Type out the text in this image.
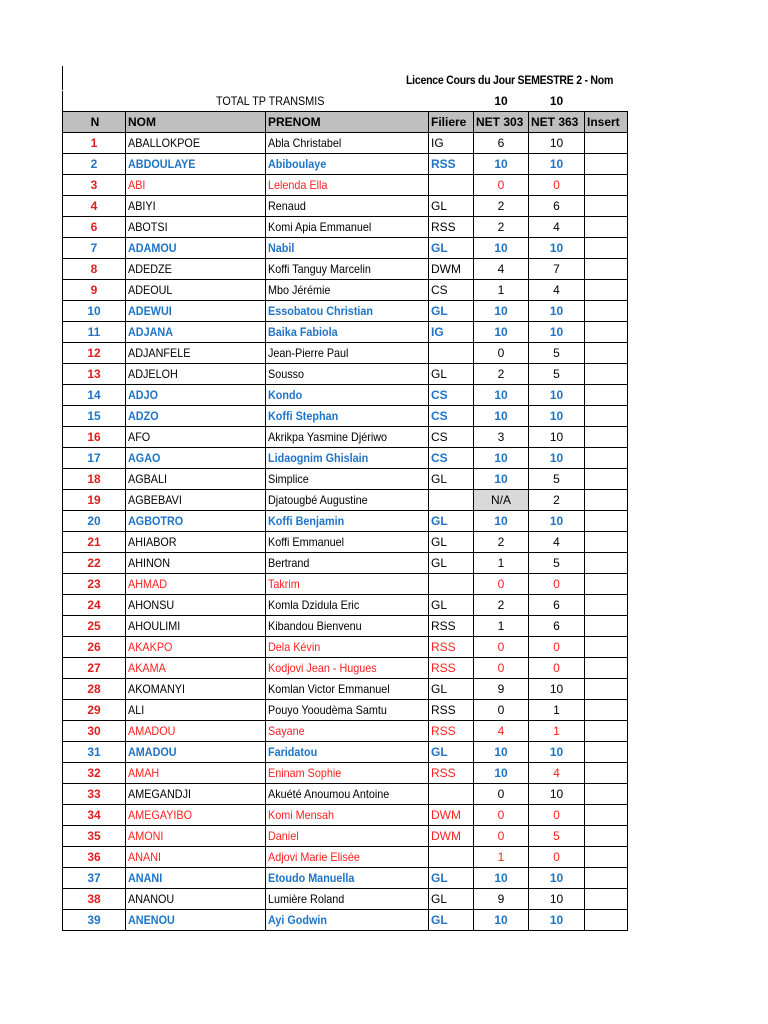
Licence Cours du Jour SEMESTRE 2 - Nom
		TOTAL TP TRANSMIS		10	10	
N	NOM	PRENOM	Filiere	NET 303	NET 363	Insert
1	ABALLOKPOE	Abla Christabel	IG	6	10	
2	ABDOULAYE	Abiboulaye	RSS	10	10	
3	ABI	Lelenda Ella		0	0	
4	ABIYI	Renaud	GL	2	6	
6	ABOTSI	Komi Apia Emmanuel	RSS	2	4	
7	ADAMOU	Nabil	GL	10	10	
8	ADEDZE	Koffi Tanguy Marcelin	DWM	4	7	
9	ADEOUL	Mbo Jérémie	CS	1	4	
10	ADEWUI	Essobatou Christian	GL	10	10	
11	ADJANA	Baika Fabiola	IG	10	10	
12	ADJANFELE	Jean-Pierre Paul		0	5	
13	ADJELOH	Sousso	GL	2	5	
14	ADJO	Kondo	CS	10	10	
15	ADZO	Koffi Stephan	CS	10	10	
16	AFO	Akrikpa Yasmine Djériwo	CS	3	10	
17	AGAO	Lidaognim Ghislain	CS	10	10	
18	AGBALI	Simplice	GL	10	5	
19	AGBEBAVI	Djatougbé Augustine		N/A	2	
20	AGBOTRO	Koffi Benjamin	GL	10	10	
21	AHIABOR	Koffi Emmanuel	GL	2	4	
22	AHINON	Bertrand	GL	1	5	
23	AHMAD	Takrim		0	0	
24	AHONSU	Komla Dzidula Eric	GL	2	6	
25	AHOULIMI	Kibandou Bienvenu	RSS	1	6	
26	AKAKPO	Dela Kévin	RSS	0	0	
27	AKAMA	Kodjovi Jean - Hugues	RSS	0	0	
28	AKOMANYI	Komlan Victor Emmanuel	GL	9	10	
29	ALI	Pouyo Yooudèma Samtu	RSS	0	1	
30	AMADOU	Sayane	RSS	4	1	
31	AMADOU	Faridatou	GL	10	10	
32	AMAH	Eninam Sophie	RSS	10	4	
33	AMEGANDJI	Akuété Anoumou Antoine		0	10	
34	AMEGAYIBO	Komi Mensah	DWM	0	0	
35	AMONI	Daniel	DWM	0	5	
36	ANANI	Adjovi Marie Elisée		1	0	
37	ANANI	Etoudo Manuella	GL	10	10	
38	ANANOU	Lumière Roland	GL	9	10	
39	ANENOU	Ayi Godwin	GL	10	10	
